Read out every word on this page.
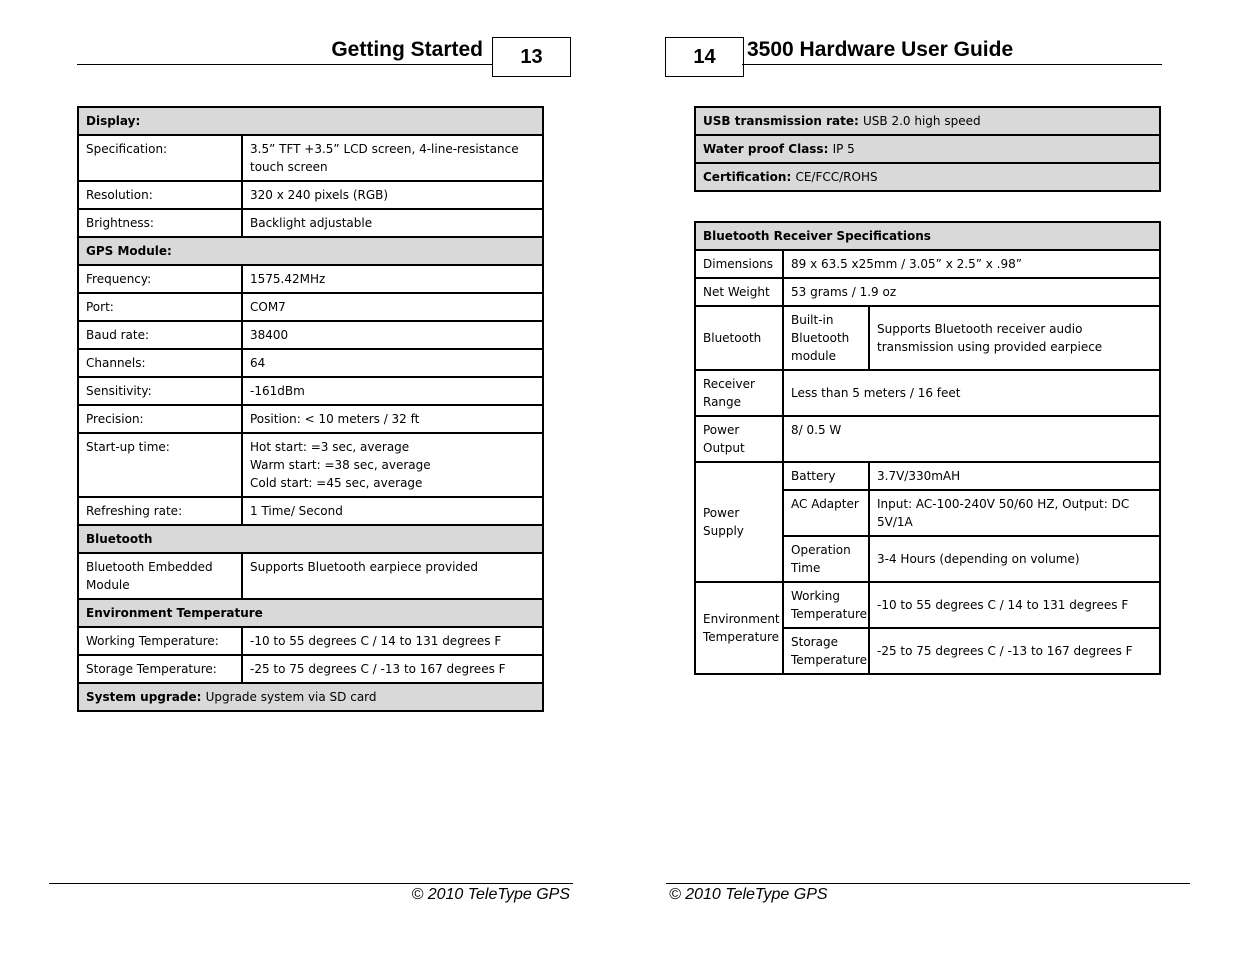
Getting Started	13
Display:	
Specification:	3.5” TFT +3.5” LCD screen, 4-line-resistance touch screen
Resolution:	320 x 240 pixels (RGB)
Brightness:	Backlight adjustable
GPS Module:	
Frequency:	1575.42MHz
Port:	COM7
Baud rate:	38400
Channels:	64
Sensitivity:	-161dBm
Precision:	Position: < 10 meters / 32 ft
Start-up time:	Hot start: =3 sec, average
Warm start: =38 sec, average
Cold start: =45 sec, average

Refreshing rate:	1 Time/ Second
Bluetooth	
Bluetooth Embedded Module	Supports Bluetooth earpiece provided
Environment Temperature	
Working Temperature:	-10 to 55 degrees C / 14 to 131 degrees F
Storage Temperature:	-25 to 75 degrees C / -13 to 167 degrees F
System upgrade: Upgrade system via SD card	
© 2010 TeleType GPS
14	3500 Hardware User Guide
USB transmission rate: USB 2.0 high speed
Water proof Class: IP 5
Certification: CE/FCC/ROHS
Bluetooth Receiver Specifications		
Dimensions	89 x 63.5 x25mm / 3.05” x 2.5” x .98”	
Net Weight	53 grams / 1.9 oz	
Bluetooth	Built-in Bluetooth module	Supports Bluetooth receiver audio transmission using provided earpiece
Receiver Range	Less than 5 meters / 16 feet	
Power Output	8/ 0.5 W	
Power Supply	Battery	3.7V/330mAH
	AC Adapter	Input: AC-100-240V 50/60 HZ, Output: DC 5V/1A
	Operation Time	3-4 Hours (depending on volume)
Environment Temperature	Working Temperature	-10 to 55 degrees C / 14 to 131 degrees F
	Storage Temperature	-25 to 75 degrees C / -13 to 167 degrees F
© 2010 TeleType GPS
